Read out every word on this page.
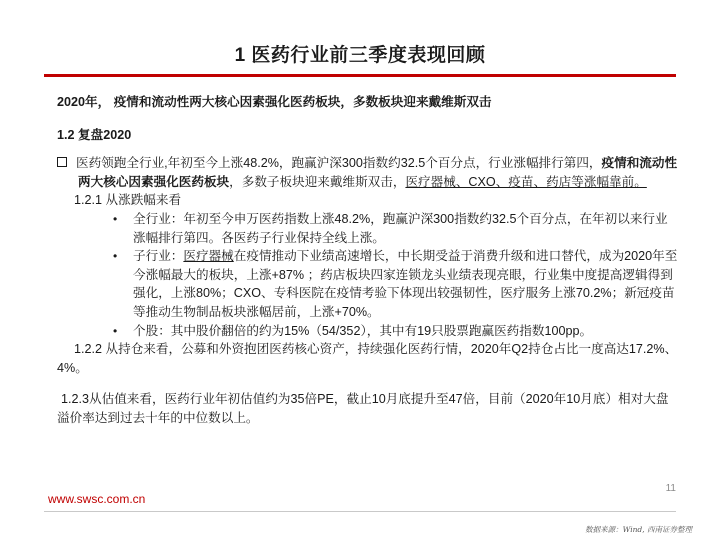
1 医药行业前三季度表现回顾
2020年， 疫情和流动性两大核心因素强化医药板块，多数板块迎来戴维斯双击
1.2 复盘2020
医药领跑全行业,年初至今上涨48.2%，跑赢沪深300指数约32.5个百分点，行业涨幅排行第四，疫情和流动性两大核心因素强化医药板块，多数子板块迎来戴维斯双击，医疗器械、CXO、疫苗、药店等涨幅靠前。
1.2.1 从涨跌幅来看
• 全行业：年初至今申万医药指数上涨48.2%，跑赢沪深300指数约32.5个百分点，在年初以来行业涨幅排行第四。各医药子行业保持全线上涨。
• 子行业：医疗器械在疫情推动下业绩高速增长，中长期受益于消费升级和进口替代，成为2020年至今涨幅最大的板块，上涨+87% ；药店板块四家连锁龙头业绩表现亮眼，行业集中度提高逻辑得到强化，上涨80%；CXO、专科医院在疫情考验下体现出较强韧性，医疗服务上涨70.2%；新冠疫苗等推动生物制品板块涨幅居前，上涨+70%。
• 个股：其中股价翻倍的约为15%（54/352），其中有19只股票跑赢医药指数100pp。
1.2.2 从持仓来看，公募和外资抱团医药核心资产，持续强化医药行情，2020年Q2持仓占比一度高达17.2%、4%。
1.2.3从估值来看，医药行业年初估值约为35倍PE，截止10月底提升至47倍，目前（2020年10月底）相对大盘溢价率达到过去十年的中位数以上。
11
www.swsc.com.cn
数据来源：Wind, 西南证券整理
